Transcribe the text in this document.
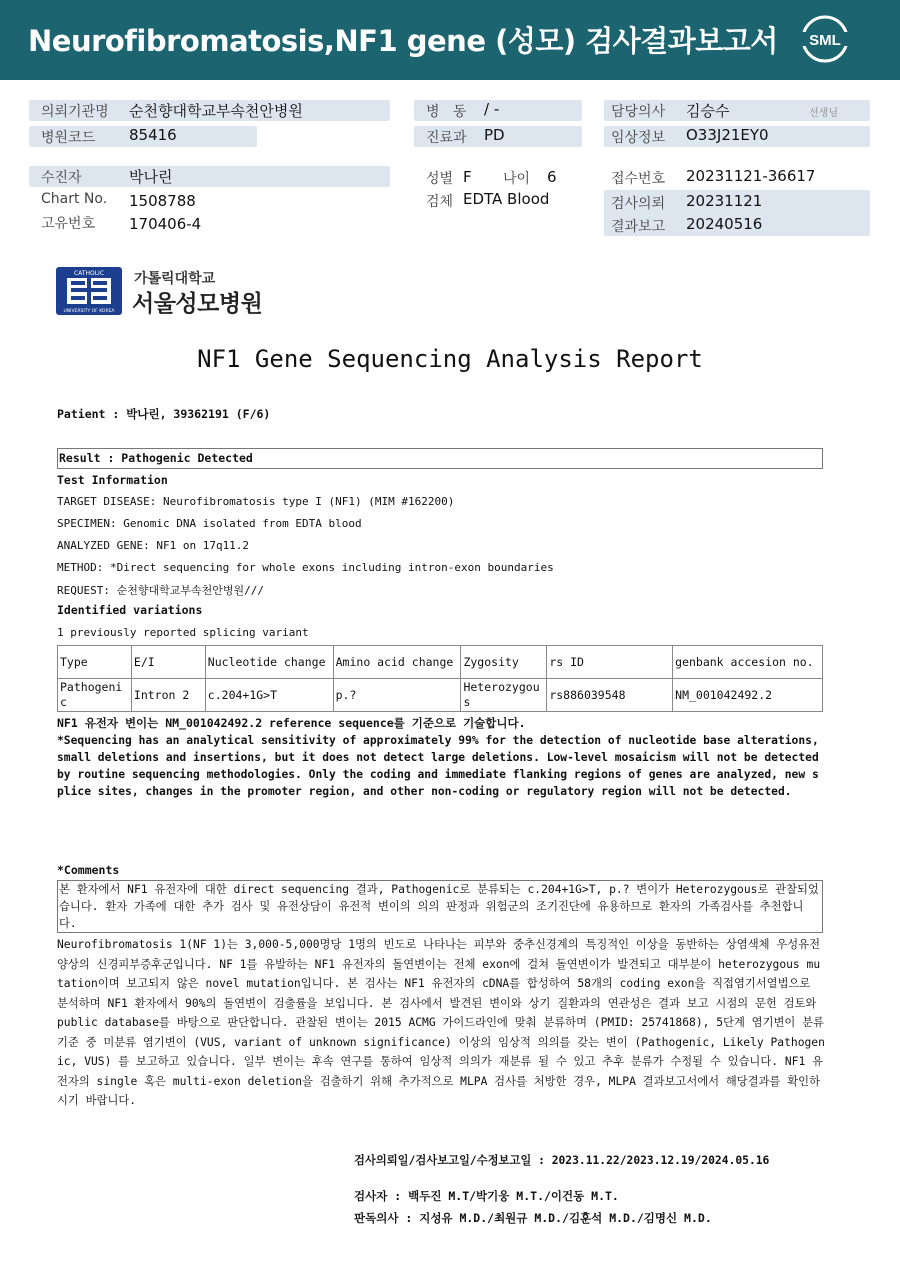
Neurofibromatosis,NF1 gene (성모) 검사결과보고서 SML
의뢰기관명 순천향대학교부속천안병원
병원코드 85416
수진자	박나린
Chart No. 1508788
고유번호 170406-4
병   동 / -
진료과 PD
성별 F 나이 6
검체 EDTA Blood
담당의사 김승수	선생님
임상정보 O33J21EY0
접수번호 20231121-36617
검사의뢰 20231121
결과보고 20240516
CATHOLIC
UNIVERSITY OF KOREA
가톨릭대학교
서울성모병원
NF1 Gene Sequencing Analysis Report
Patient : 박나린, 39362191 (F/6)
Result : Pathogenic Detected
Test Information
TARGET DISEASE: Neurofibromatosis type I (NF1) (MIM #162200)
SPECIMEN: Genomic DNA isolated from EDTA blood
ANALYZED GENE: NF1 on 17q11.2
METHOD: *Direct sequencing for whole exons including intron-exon boundaries
REQUEST: 순천향대학교부속천안병원///
Identified variations
1 previously reported splicing variant
Type	E/I	Nucleotide change	Amino acid change	Zygosity	rs ID	genbank accesion no.
Pathogenic	Intron 2	c.204+1G>T	p.?	Heterozygous	rs886039548	NM_001042492.2
NF1 유전자 변이는 NM_001042492.2 reference sequence를 기준으로 기술합니다.
*Sequencing has an analytical sensitivity of approximately 99% for the detection of nucleotide base alterations, small deletions and insertions, but it does not detect large deletions. Low-level mosaicism will not be detected by routine sequencing methodologies. Only the coding and immediate flanking regions of genes are analyzed, new splice sites, changes in the promoter region, and other non-coding or regulatory region will not be detected.
*Comments
본 환자에서 NF1 유전자에 대한 direct sequencing 결과, Pathogenic로 분류되는 c.204+1G>T, p.? 변이가 Heterozygous로 관찰되었습니다. 환자 가족에 대한 추가 검사 및 유전상담이 유전적 변이의 의의 판정과 위험군의 조기진단에 유용하므로 환자의 가족검사를 추천합니다.
Neurofibromatosis 1(NF 1)는 3,000-5,000명당 1명의 빈도로 나타나는 피부와 중추신경계의 특징적인 이상을 동반하는 상염색체 우성유전 양상의 신경피부증후군입니다. NF 1를 유발하는 NF1 유전자의 돌연변이는 전체 exon에 걸쳐 돌연변이가 발견되고 대부분이 heterozygous mutation이며 보고되지 않은 novel mutation입니다. 본 검사는 NF1 유전자의 cDNA를 합성하여 58개의 coding exon을 직접염기서열법으로 분석하며 NF1 환자에서 90%의 돌연변이 검출률을 보입니다. 본 검사에서 발견된 변이와 상기 질환과의 연관성은 결과 보고 시점의 문헌 검토와 public database를 바탕으로 판단합니다. 관찰된 변이는 2015 ACMG 가이드라인에 맞춰 분류하며 (PMID: 25741868), 5단계 염기변이 분류 기준 중 미분류 염기변이 (VUS, variant of unknown significance) 이상의 임상적 의의를 갖는 변이 (Pathogenic, Likely Pathogenic, VUS) 를 보고하고 있습니다. 일부 변이는 후속 연구를 통하여 임상적 의의가 재분류 될 수 있고 추후 분류가 수정될 수 있습니다. NF1 유전자의 single 혹은 multi-exon deletion을 검출하기 위해 추가적으로 MLPA 검사를 처방한 경우, MLPA 결과보고서에서 해당결과를 확인하시기 바랍니다.
검사의뢰일/검사보고일/수정보고일 : 2023.11.22/2023.12.19/2024.05.16
검사자 : 백두진 M.T/박기웅 M.T./이건동 M.T.
판독의사 : 지성유 M.D./최원규 M.D./김훈석 M.D./김명신 M.D.
